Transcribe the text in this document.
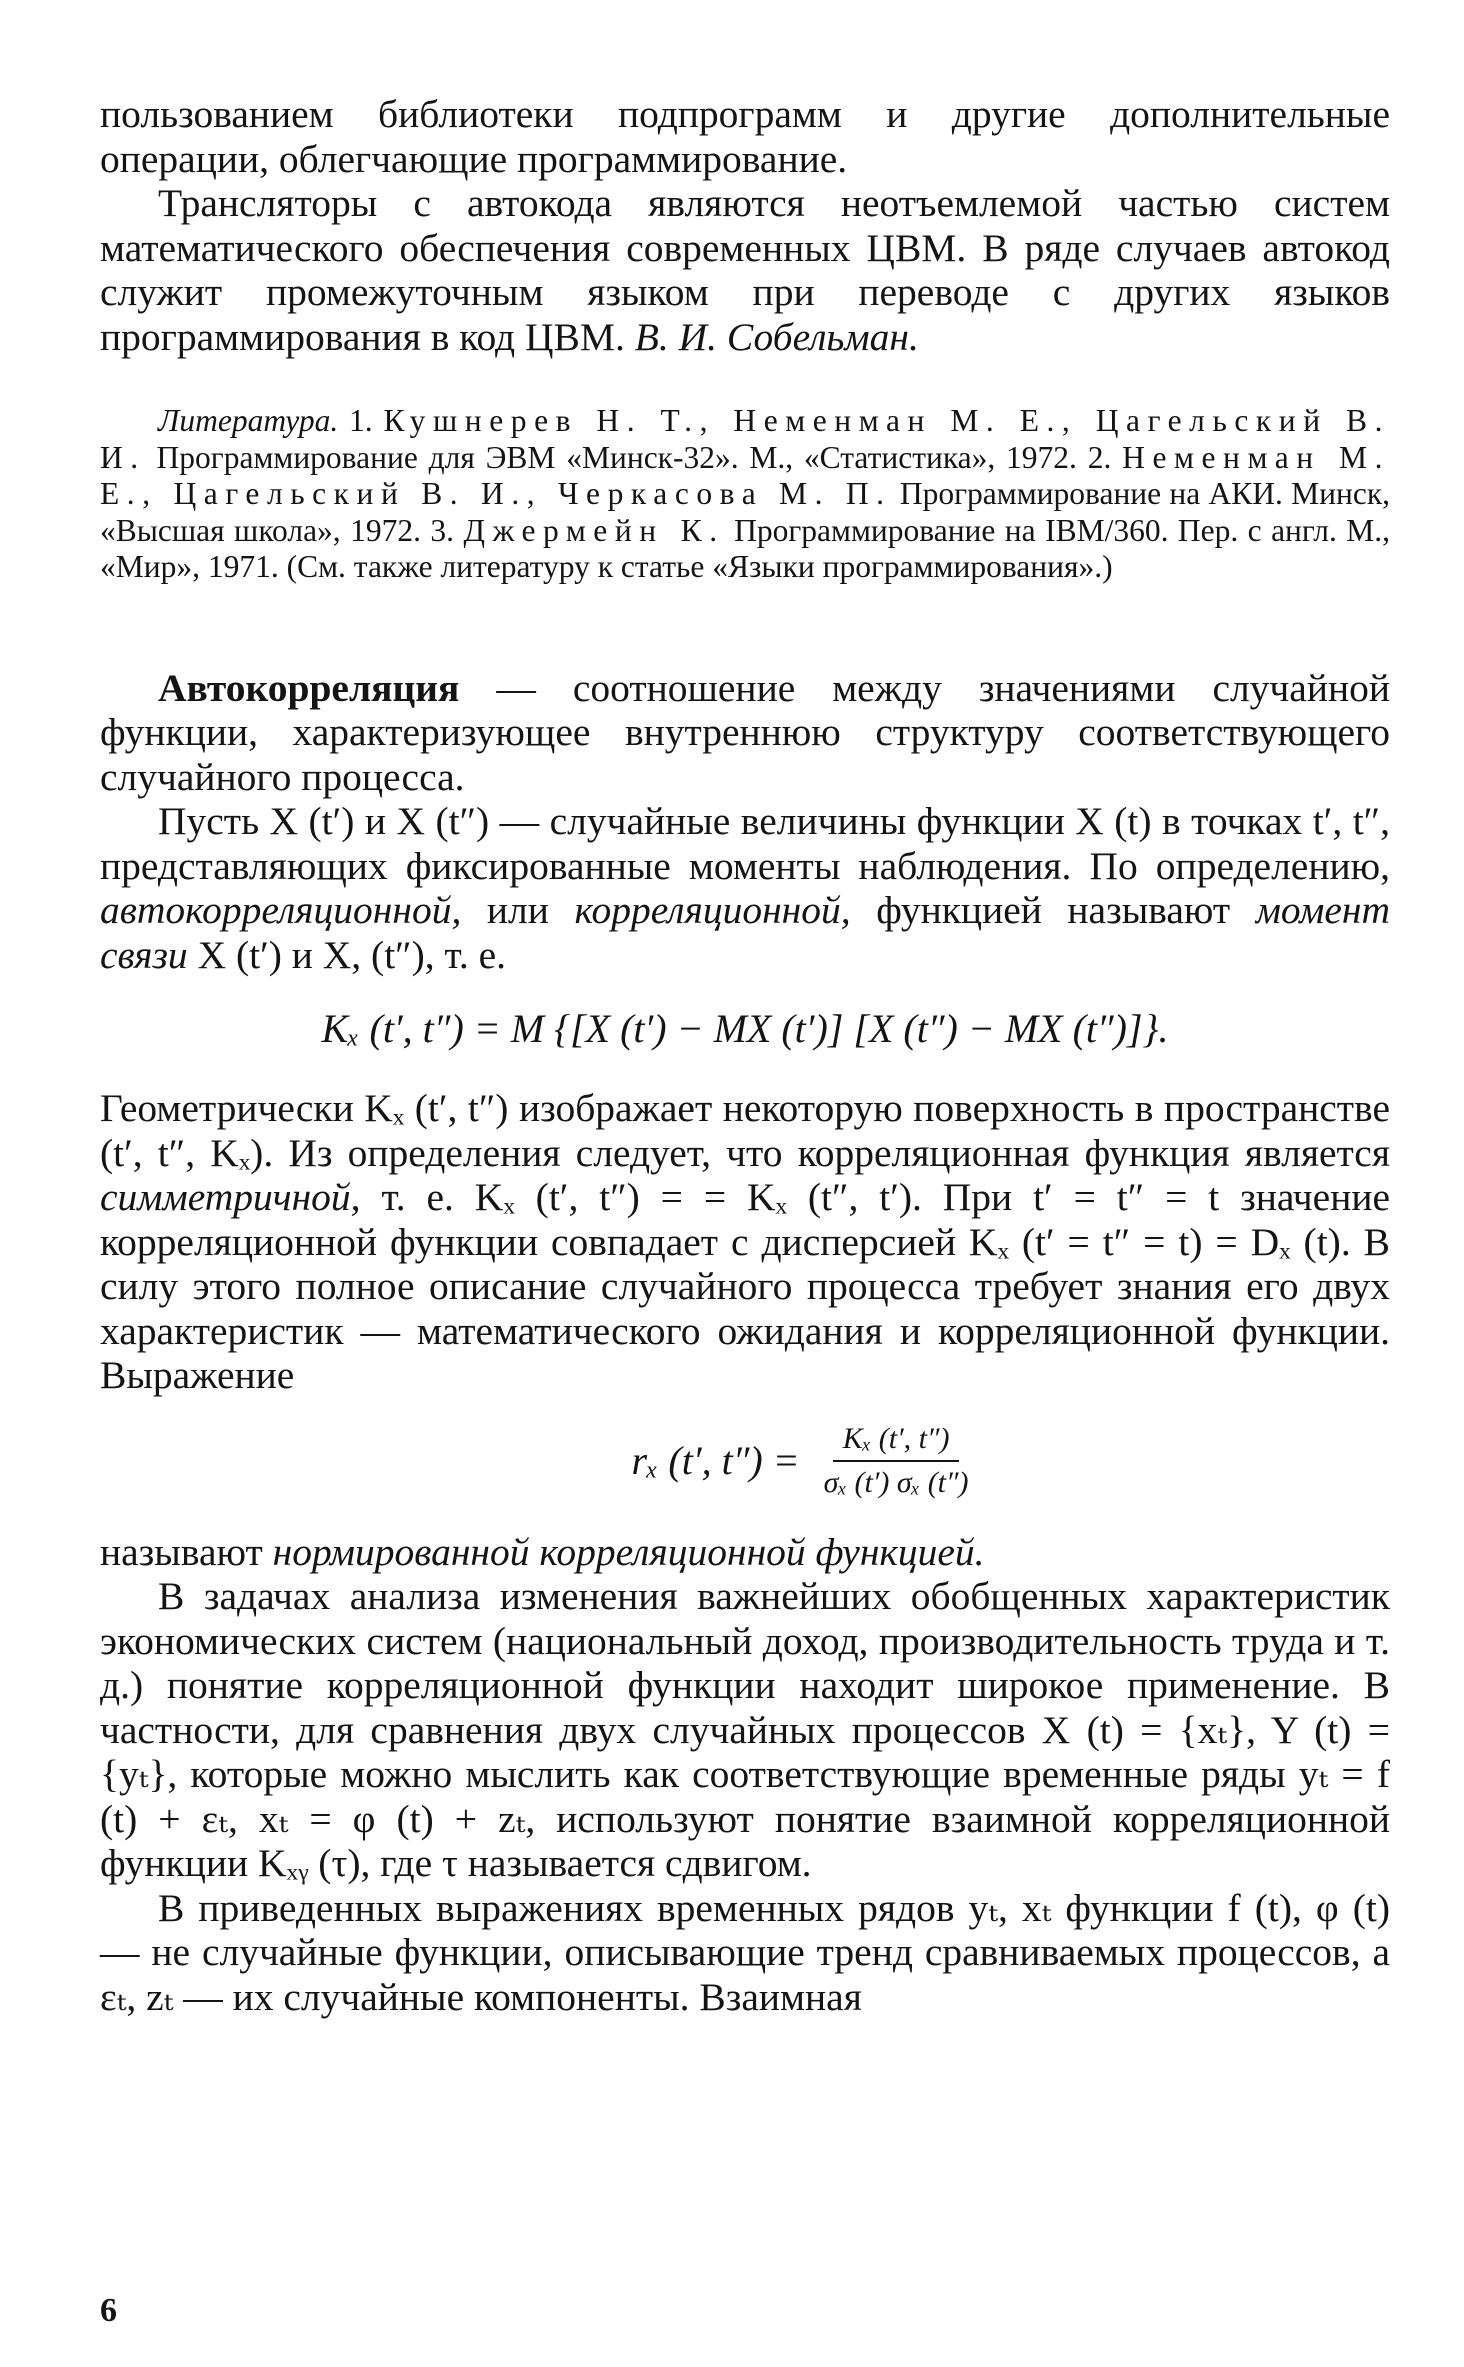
пользованием библиотеки подпрограмм и другие дополнительные операции, облегчающие программирование.

Трансляторы с автокода являются неотъемлемой частью систем математического обеспечения современных ЦВМ. В ряде случаев автокод служит промежуточным языком при переводе с других языков программирования в код ЦВМ. В. И. Собельман.

Литература. 1. Кушнерев Н. Т., Неменман М. Е., Цагельский В. И. Программирование для ЭВМ «Минск-32». М., «Статистика», 1972. 2. Неменман М. Е., Цагельский В. И., Черкасова М. П. Программирование на АКИ. Минск, «Высшая школа», 1972. 3. Джермейн К. Программирование на IBM/360. Пер. с англ. М., «Мир», 1971. (См. также литературу к статье «Языки программирования».)

Автокорреляция — соотношение между значениями случайной функции, характеризующее внутреннюю структуру соответствующего случайного процесса.

Пусть X (t′) и X (t″) — случайные величины функции X (t) в точках t′, t″, представляющих фиксированные моменты наблюдения. По определению, автокорреляционной, или корреляционной, функцией называют момент связи X (t′) и X, (t″), т. е.

Kₓ (t′, t″) = M {[X (t′) − MX (t′)] [X (t″) − MX (t″)]}.

Геометрически Kₓ (t′, t″) изображает некоторую поверхность в пространстве (t′, t″, Kₓ). Из определения следует, что корреляционная функция является симметричной, т. е. Kₓ (t′, t″) = = Kₓ (t″, t′). При t′ = t″ = t значение корреляционной функции совпадает с дисперсией Kₓ (t′ = t″ = t) = Dₓ (t). В силу этого полное описание случайного процесса требует знания его двух характеристик — математического ожидания и корреляционной функции. Выражение

rₓ (t′, $t'') = \frac{\text{Kₓ (t′, t″)}}{\text{σₓ (t′) σₓ (t″)}}$

называют нормированной корреляционной функцией.

В задачах анализа изменения важнейших обобщенных характеристик экономических систем (национальный доход, производительность труда и т. д.) понятие корреляционной функции находит широкое применение. В частности, для сравнения двух случайных процессов X (t) = {xₜ}, Y (t) = {yₜ}, которые можно мыслить как соответствующие временные ряды yₜ = f (t) + εₜ, xₜ = φ (t) + zₜ, используют понятие взаимной корреляционной функции Kₓᵧ (τ), где τ называется сдвигом.

В приведенных выражениях временных рядов yₜ, xₜ функции f (t), φ (t) — не случайные функции, описывающие тренд сравниваемых процессов, а εₜ, zₜ — их случайные компоненты. Взаимная

6
